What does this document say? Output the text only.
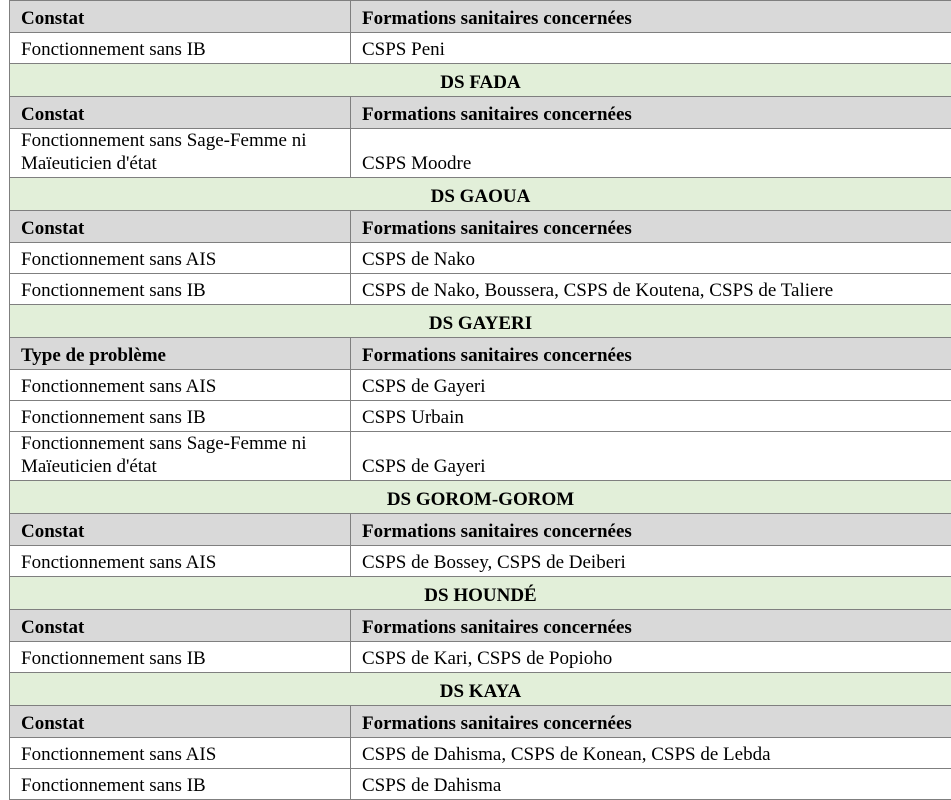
Constat	Formations sanitaires concernées
Fonctionnement sans IB	CSPS Peni
DS FADA	
Constat	Formations sanitaires concernées
Fonctionnement sans Sage-Femme ni Maïeuticien d'état	CSPS Moodre
DS GAOUA	
Constat	Formations sanitaires concernées
Fonctionnement sans AIS	CSPS de Nako
Fonctionnement sans IB	CSPS de Nako, Boussera, CSPS de Koutena, CSPS de Taliere
DS GAYERI	
Type de problème	Formations sanitaires concernées
Fonctionnement sans AIS	CSPS de Gayeri
Fonctionnement sans IB	CSPS Urbain
Fonctionnement sans Sage-Femme ni Maïeuticien d'état	CSPS de Gayeri
DS GOROM-GOROM	
Constat	Formations sanitaires concernées
Fonctionnement sans AIS	CSPS de Bossey, CSPS de Deiberi
DS HOUNDÉ	
Constat	Formations sanitaires concernées
Fonctionnement sans IB	CSPS de Kari, CSPS de Popioho
DS KAYA	
Constat	Formations sanitaires concernées
Fonctionnement sans AIS	CSPS de Dahisma, CSPS de Konean, CSPS de Lebda
Fonctionnement sans IB	CSPS de Dahisma
